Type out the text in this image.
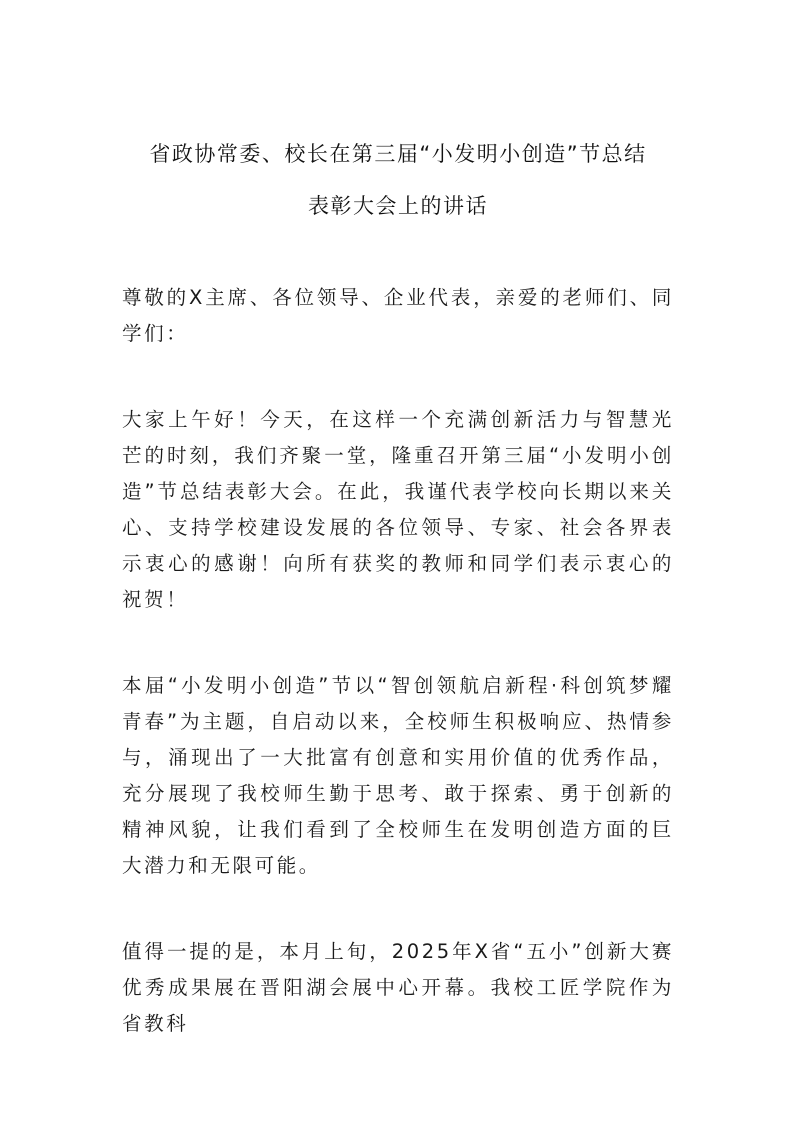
省政协常委、校长在第三届“小发明小创造”节总结
表彰大会上的讲话

尊敬的X主席、各位领导、企业代表，亲爱的老师们、同学们：

大家上午好！今天，在这样一个充满创新活力与智慧光芒的时刻，我们齐聚一堂，隆重召开第三届“小发明小创造”节总结表彰大会。在此，我谨代表学校向长期以来关心、支持学校建设发展的各位领导、专家、社会各界表示衷心的感谢！向所有获奖的教师和同学们表示衷心的祝贺！

本届“小发明小创造”节以“智创领航启新程·科创筑梦耀青春”为主题，自启动以来，全校师生积极响应、热情参与，涌现出了一大批富有创意和实用价值的优秀作品，充分展现了我校师生勤于思考、敢于探索、勇于创新的精神风貌，让我们看到了全校师生在发明创造方面的巨大潜力和无限可能。

值得一提的是，本月上旬，2025年X省“五小”创新大赛优秀成果展在晋阳湖会展中心开幕。我校工匠学院作为省教科
